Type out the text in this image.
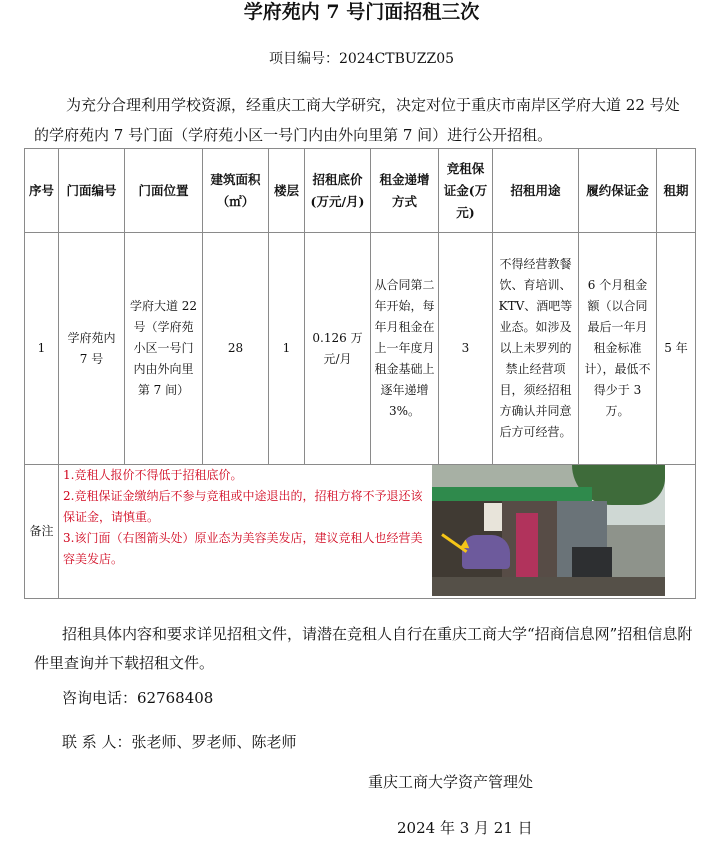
学府苑内 7 号门面招租三次
项目编号：2024CTBUZZ05
为充分合理利用学校资源，经重庆工商大学研究，决定对位于重庆市南岸区学府大道 22 号处的学府苑内 7 号门面（学府苑小区一号门内由外向里第 7 间）进行公开招租。
序号	门面编号	门面位置	建筑面积（㎡）	楼层	招租底价(万元/月)	租金递增方式	竞租保证金(万元)	招租用途	履约保证金	租期
1	学府苑内 7 号	学府大道 22 号（学府苑小区一号门内由外向里第 7 间）	28	1	0.126 万元/月	从合同第二年开始，每年月租金在上一年度月租金基础上逐年递增 3%。	3	不得经营教餐饮、育培训、KTV、酒吧等业态。如涉及以上未罗列的禁止经营项目，须经招租方确认并同意后方可经营。	6 个月租金额（以合同最后一年月租金标准计），最低不得少于 3 万。	5 年
备注	1.竞租人报价不得低于招租底价。
2.竞租保证金缴纳后不参与竞租或中途退出的，招租方将不予退还该保证金，请慎重。
3.该门面（右图箭头处）原业态为美容美发店，建议竞租人也经营美容美发店。									
招租具体内容和要求详见招租文件，请潜在竞租人自行在重庆工商大学“招商信息网”招租信息附件里查询并下载招租文件。
咨询电话：62768408
联 系 人：张老师、罗老师、陈老师
重庆工商大学资产管理处
2024 年 3 月 21 日
